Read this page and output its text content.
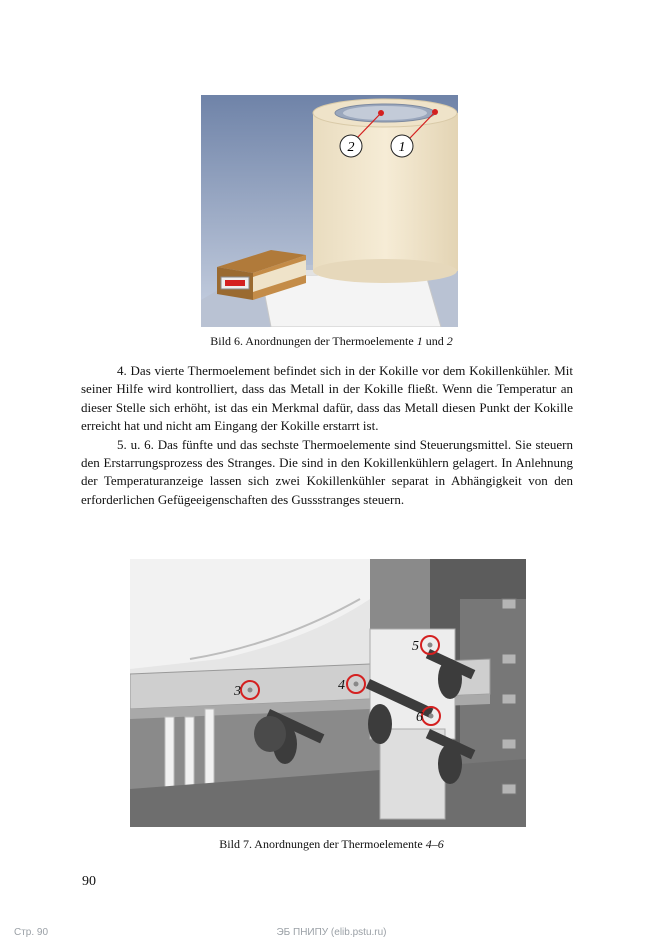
2	1
Bild 6. Anordnungen der Thermoelemente 1 und 2

4. Das vierte Thermoelement befindet sich in der Kokille vor dem Kokillenkühler. Mit seiner Hilfe wird kontrolliert, dass das Metall in der Kokille fließt. Wenn die Temperatur an dieser Stelle sich erhöht, ist das ein Merkmal dafür, dass das Metall diesen Punkt der Kokille erreicht hat und nicht am Eingang der Kokille erstarrt ist.

5. u. 6. Das fünfte und das sechste Thermoelemente sind Steuerungsmittel. Sie steuern den Erstarrungsprozess des Stranges. Die sind in den Kokillenkühlern gelagert. In Anlehnung der Temperaturanzeige lassen sich zwei Kokillenkühler separat in Abhängigkeit von den erforderlichen Gefügeeigenschaften des Gussstranges steuern.

3	4
5
6
Bild 7. Anordnungen der Thermoelemente 4–6
90
Стр. 90	ЭБ ПНИПУ (elib.pstu.ru)
